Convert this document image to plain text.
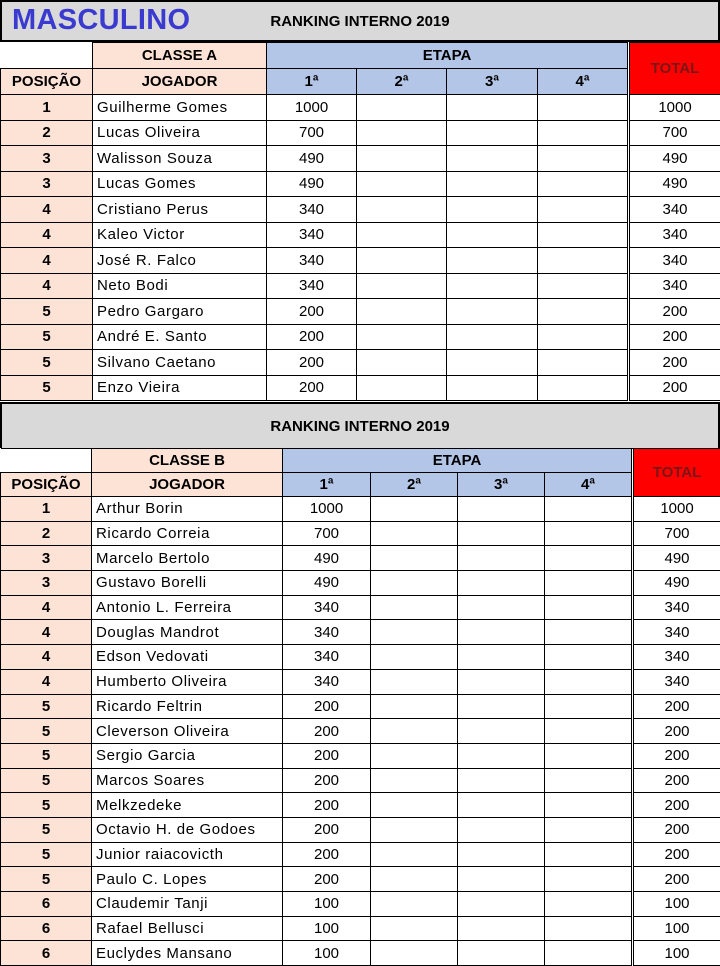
MASCULINO	RANKING INTERNO 2019
	CLASSE A	ETAPA					TOTAL
POSIÇÃO	JOGADOR	1ª	2ª	3ª	4ª		
1	Guilherme Gomes	1000					1000
2	Lucas Oliveira	700					700
3	Walisson Souza	490					490
3	Lucas Gomes	490					490
4	Cristiano Perus	340					340
4	Kaleo Victor	340					340
4	José R. Falco	340					340
4	Neto Bodi	340					340
5	Pedro Gargaro	200					200
5	André E. Santo	200					200
5	Silvano Caetano	200					200
5	Enzo Vieira	200					200
RANKING INTERNO 2019
	CLASSE B	ETAPA					TOTAL
POSIÇÃO	JOGADOR	1ª	2ª	3ª	4ª		
1	Arthur Borin	1000					1000
2	Ricardo Correia	700					700
3	Marcelo Bertolo	490					490
3	Gustavo Borelli	490					490
4	Antonio L. Ferreira	340					340
4	Douglas Mandrot	340					340
4	Edson Vedovati	340					340
4	Humberto Oliveira	340					340
5	Ricardo Feltrin	200					200
5	Cleverson Oliveira	200					200
5	Sergio Garcia	200					200
5	Marcos Soares	200					200
5	Melkzedeke	200					200
5	Octavio H. de Godoes	200					200
5	Junior raiacovicth	200					200
5	Paulo C. Lopes	200					200
6	Claudemir Tanji	100					100
6	Rafael Bellusci	100					100
6	Euclydes Mansano	100					100
